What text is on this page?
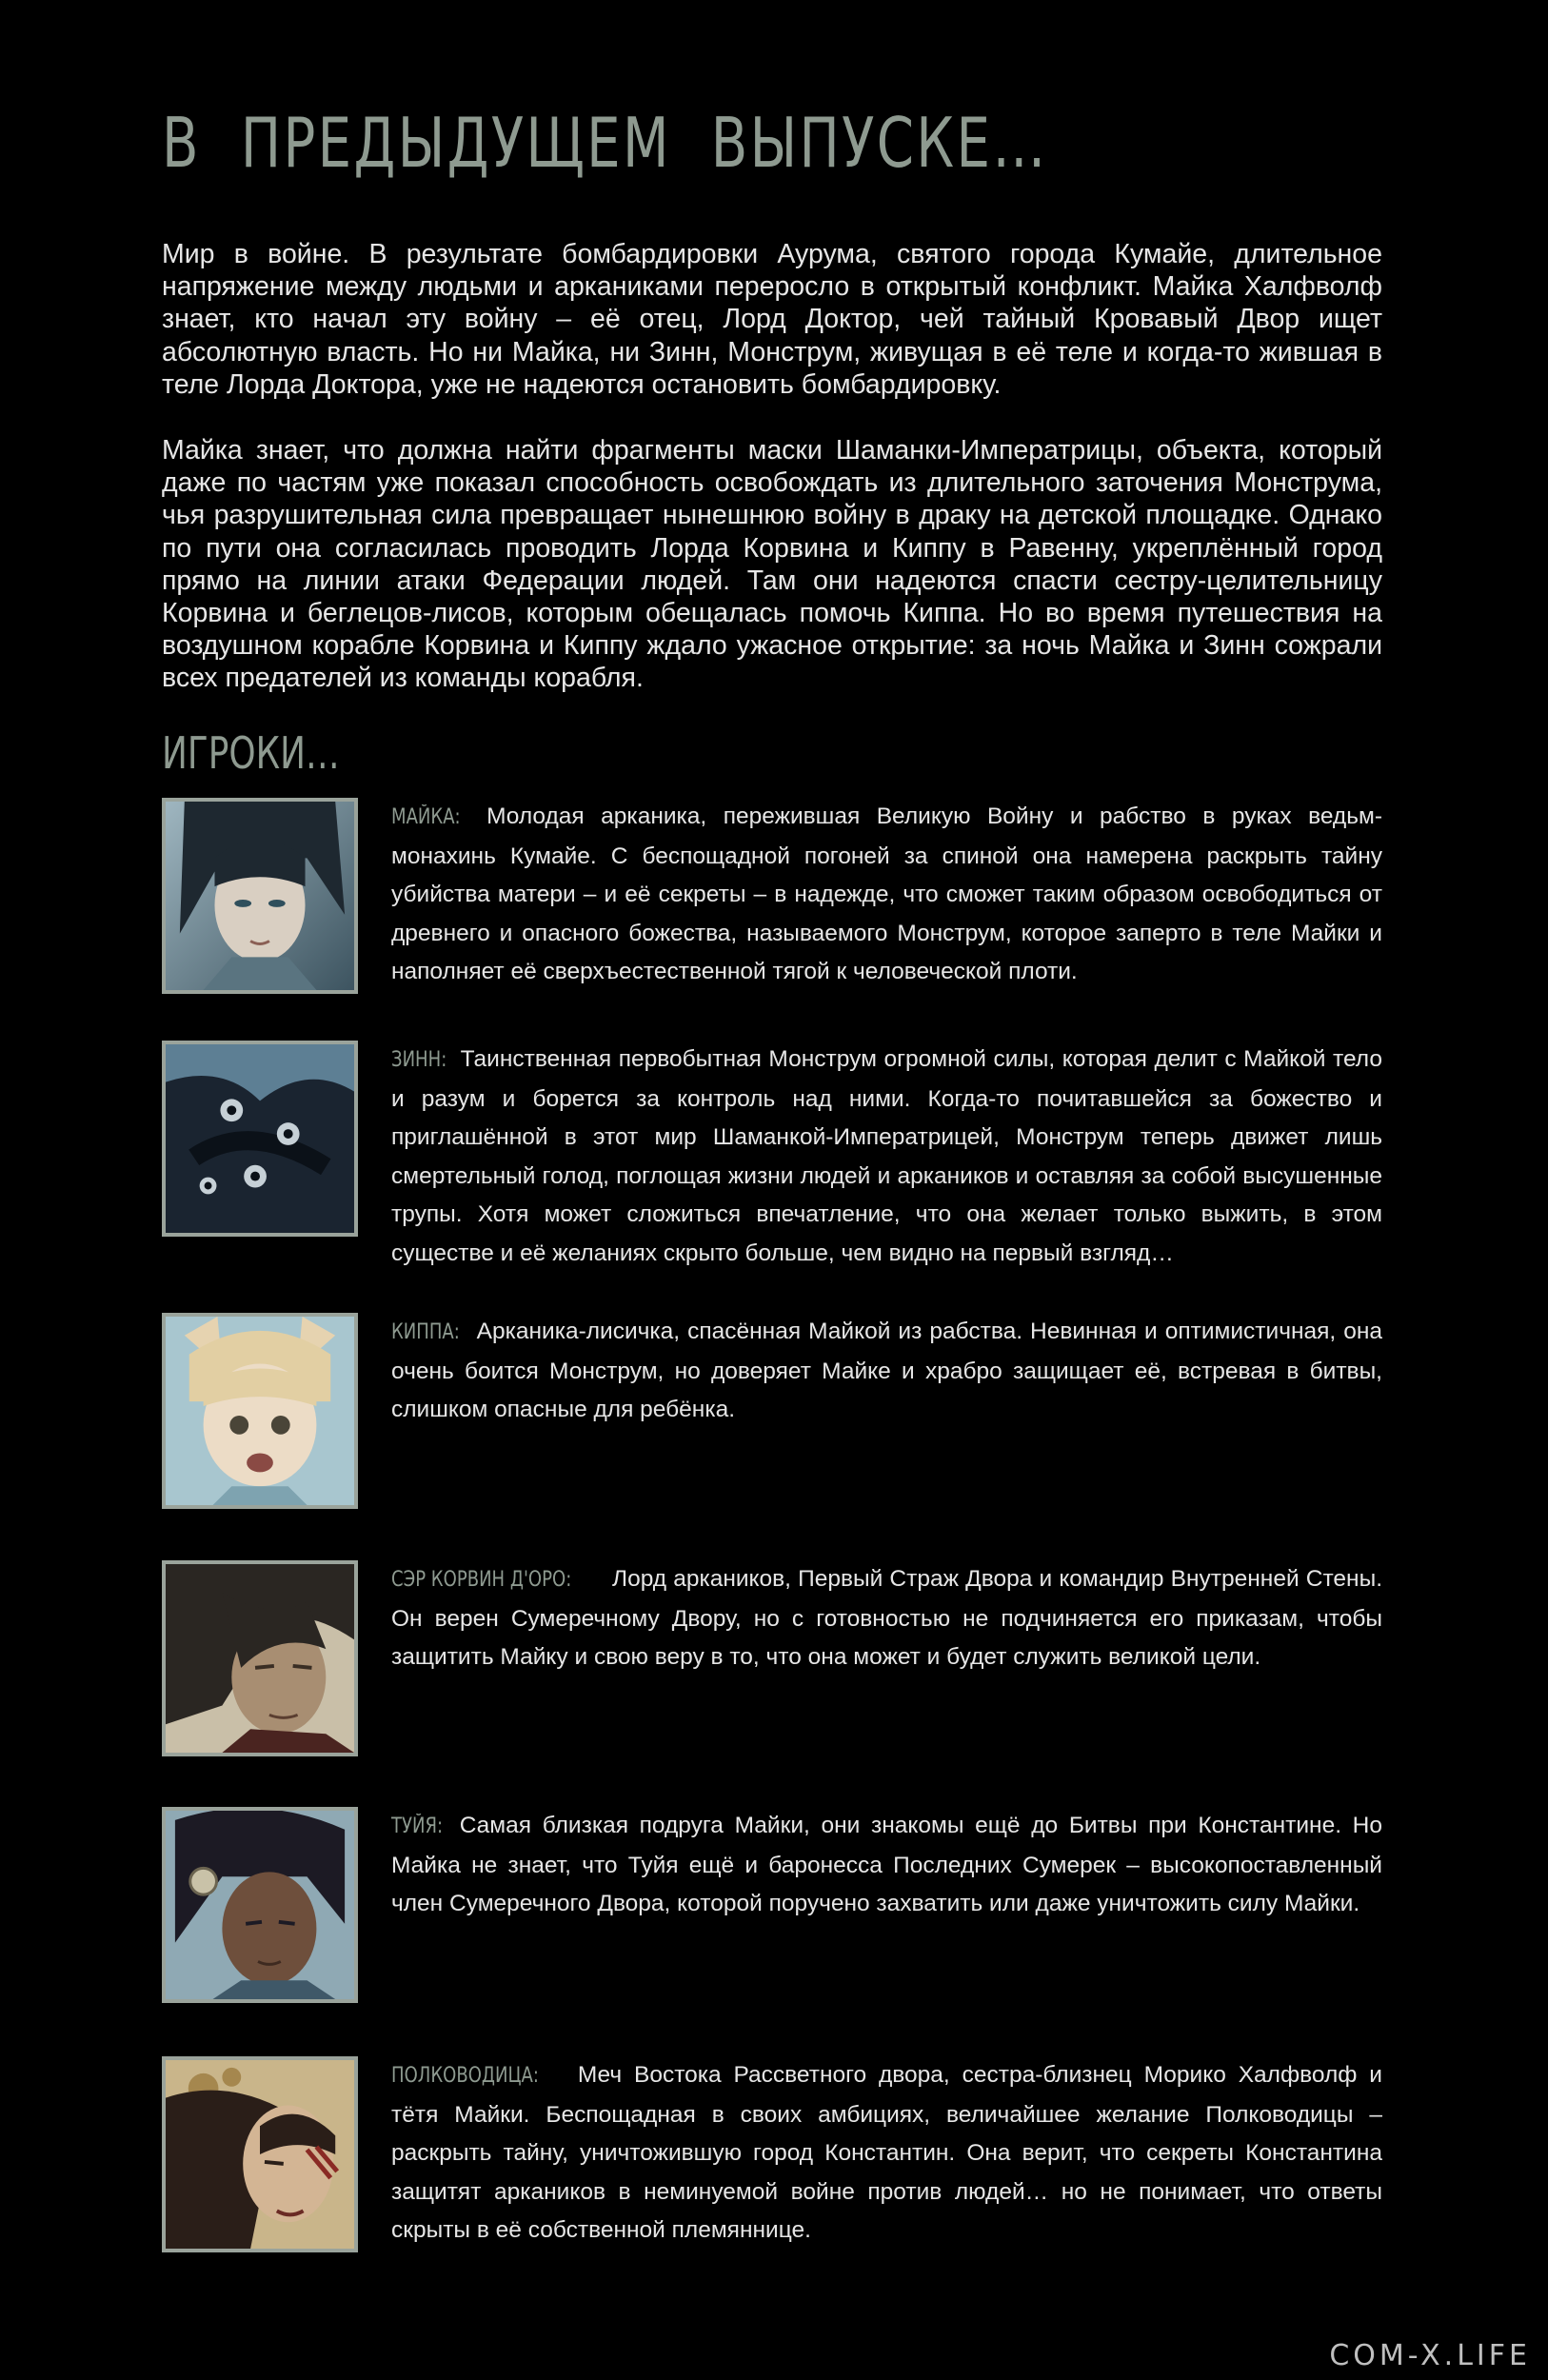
В ПРЕДЫДУЩЕМ ВЫПУСКЕ…

Мир в войне. В результате бомбардировки Аурума, святого города Кумайе, длительное напряжение между людьми и арканиками переросло в открытый конфликт. Майка Халфволф знает, кто начал эту войну – её отец, Лорд Доктор, чей тайный Кровавый Двор ищет абсолютную власть. Но ни Майка, ни Зинн, Монструм, живущая в её теле и когда-то жившая в теле Лорда Доктора, уже не надеются остановить бомбардировку.

Майка знает, что должна найти фрагменты маски Шаманки-Императрицы, объекта, который даже по частям уже показал способность освобождать из длительного заточения Монструма, чья разрушительная сила превращает нынешнюю войну в драку на детской площадке. Однако по пути она согласилась проводить Лорда Корвина и Киппу в Равенну, укреплённый город прямо на линии атаки Федерации людей. Там они надеются спасти сестру-целительницу Корвина и беглецов-лисов, которым обещалась помочь Киппа. Но во время путешествия на воздушном корабле Корвина и Киппу ждало ужасное открытие: за ночь Майка и Зинн сожрали всех предателей из команды корабля.

ИГРОКИ…

МАЙКА: Молодая арканика, пережившая Великую Войну и рабство в руках ведьм-монахинь Кумайе. С беспощадной погоней за спиной она намерена раскрыть тайну убийства матери – и её секреты – в надежде, что сможет таким образом освободиться от древнего и опасного божества, называемого Монструм, которое заперто в теле Майки и наполняет её сверхъестественной тягой к человеческой плоти.

ЗИНН: Таинственная первобытная Монструм огромной силы, которая делит с Майкой тело и разум и борется за контроль над ними. Когда-то почитавшейся за божество и приглашённой в этот мир Шаманкой-Императрицей, Монструм теперь движет лишь смертельный голод, поглощая жизни людей и аркаников и оставляя за собой высушенные трупы. Хотя может сложиться впечатление, что она желает только выжить, в этом существе и её желаниях скрыто больше, чем видно на первый взгляд…

КИППА: Арканика-лисичка, спасённая Майкой из рабства. Невинная и оптимистичная, она очень боится Монструм, но доверяет Майке и храбро защищает её, встревая в битвы, слишком опасные для ребёнка.

СЭР КОРВИН Д'ОРО: Лорд аркаников, Первый Страж Двора и командир Внутренней Стены. Он верен Сумеречному Двору, но с готовностью не подчиняется его приказам, чтобы защитить Майку и свою веру в то, что она может и будет служить великой цели.

ТУЙЯ: Самая близкая подруга Майки, они знакомы ещё до Битвы при Константине. Но Майка не знает, что Туйя ещё и баронесса Последних Сумерек – высокопоставленный член Сумеречного Двора, которой поручено захватить или даже уничтожить силу Майки.

ПОЛКОВОДИЦА: Меч Востока Рассветного двора, сестра-близнец Морико Халфволф и тётя Майки. Беспощадная в своих амбициях, величайшее желание Полководицы – раскрыть тайну, уничтожившую город Константин. Она верит, что секреты Константина защитят аркаников в неминуемой войне против людей… но не понимает, что ответы скрыты в её собственной племяннице.

COM-X.LIFE
